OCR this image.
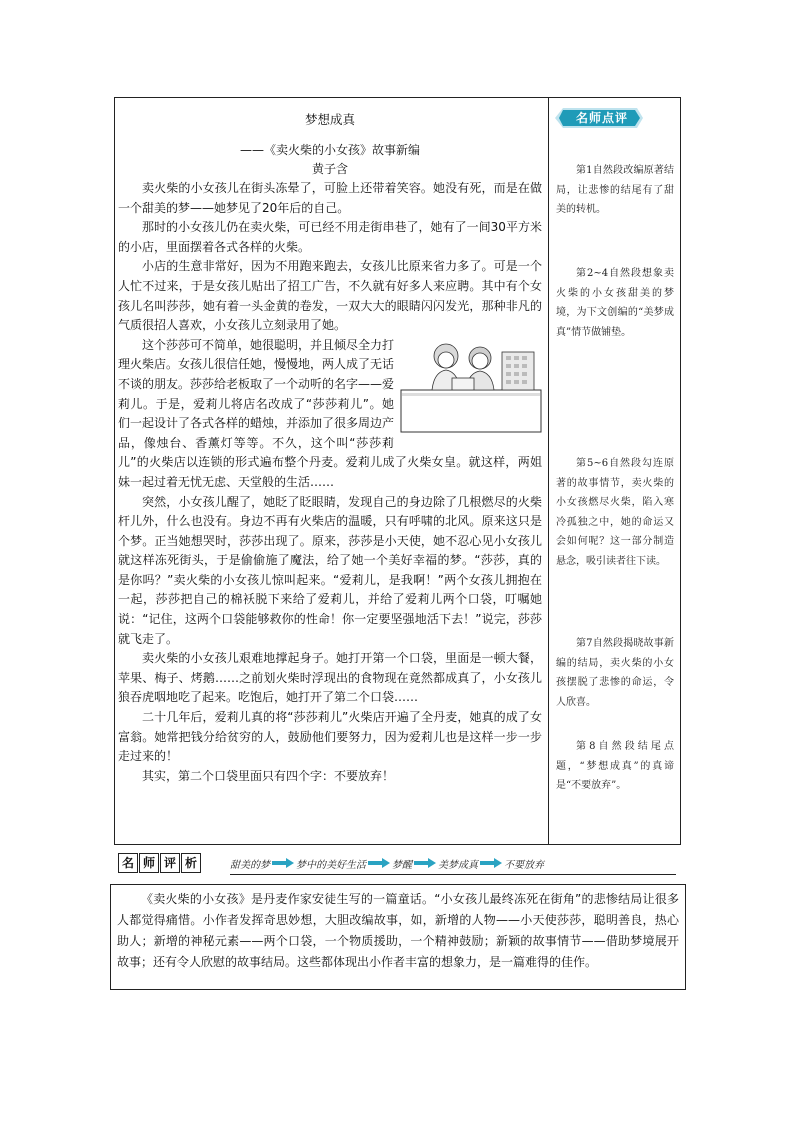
梦想成真
——《卖火柴的小女孩》故事新编
黄子含

卖火柴的小女孩儿在街头冻晕了，可脸上还带着笑容。她没有死，而是在做一个甜美的梦——她梦见了20年后的自己。

那时的小女孩儿仍在卖火柴，可已经不用走街串巷了，她有了一间30平方米的小店，里面摆着各式各样的火柴。

小店的生意非常好，因为不用跑来跑去，女孩儿比原来省力多了。可是一个人忙不过来，于是女孩儿贴出了招工广告，不久就有好多人来应聘。其中有个女孩儿名叫莎莎，她有着一头金黄的卷发，一双大大的眼睛闪闪发光，那种非凡的气质很招人喜欢，小女孩儿立刻录用了她。

这个莎莎可不简单，她很聪明，并且倾尽全力打理火柴店。女孩儿很信任她，慢慢地，两人成了无话不谈的朋友。莎莎给老板取了一个动听的名字——爱莉儿。于是，爱莉儿将店名改成了“莎莎莉儿”。她们一起设计了各式各样的蜡烛，并添加了很多周边产品，像烛台、香薰灯等等。不久，这个叫“莎莎莉儿”的火柴店以连锁的形式遍布整个丹麦。爱莉儿成了火柴女皇。就这样，两姐妹一起过着无忧无虑、天堂般的生活……

突然，小女孩儿醒了，她眨了眨眼睛，发现自己的身边除了几根燃尽的火柴杆儿外，什么也没有。身边不再有火柴店的温暖，只有呼啸的北风。原来这只是个梦。正当她想哭时，莎莎出现了。原来，莎莎是小天使，她不忍心见小女孩儿就这样冻死街头，于是偷偷施了魔法，给了她一个美好幸福的梦。“莎莎，真的是你吗？”卖火柴的小女孩儿惊叫起来。“爱莉儿，是我啊！”两个女孩儿拥抱在一起，莎莎把自己的棉袄脱下来给了爱莉儿，并给了爱莉儿两个口袋，叮嘱她说：“记住，这两个口袋能够救你的性命！你一定要坚强地活下去！”说完，莎莎就飞走了。

卖火柴的小女孩儿艰难地撑起身子。她打开第一个口袋，里面是一顿大餐，苹果、梅子、烤鹅……之前划火柴时浮现出的食物现在竟然都成真了，小女孩儿狼吞虎咽地吃了起来。吃饱后，她打开了第二个口袋……

二十几年后，爱莉儿真的将“莎莎莉儿”火柴店开遍了全丹麦，她真的成了女富翁。她常把钱分给贫穷的人，鼓励他们要努力，因为爱莉儿也是这样一步一步走过来的！

其实，第二个口袋里面只有四个字：不要放弃！

名师点评

第1自然段改编原著结局，让悲惨的结尾有了甜美的转机。

第2~4自然段想象卖火柴的小女孩甜美的梦境，为下文创编的“美梦成真”情节做铺垫。

第5~6自然段勾连原著的故事情节，卖火柴的小女孩燃尽火柴，陷入寒冷孤独之中，她的命运又会如何呢？这一部分制造悬念，吸引读者往下读。

第7自然段揭晓故事新编的结局，卖火柴的小女孩摆脱了悲惨的命运，令人欣喜。

第8自然段结尾点题，“梦想成真”的真谛是“不要放弃”。

名 师 评 析	甜美的梦	梦中的美好生活	梦醒	美梦成真	不要放弃

《卖火柴的小女孩》是丹麦作家安徒生写的一篇童话。“小女孩儿最终冻死在街角”的悲惨结局让很多人都觉得痛惜。小作者发挥奇思妙想，大胆改编故事，如，新增的人物——小天使莎莎，聪明善良，热心助人；新增的神秘元素——两个口袋，一个物质援助，一个精神鼓励；新颖的故事情节——借助梦境展开故事；还有令人欣慰的故事结局。这些都体现出小作者丰富的想象力，是一篇难得的佳作。
